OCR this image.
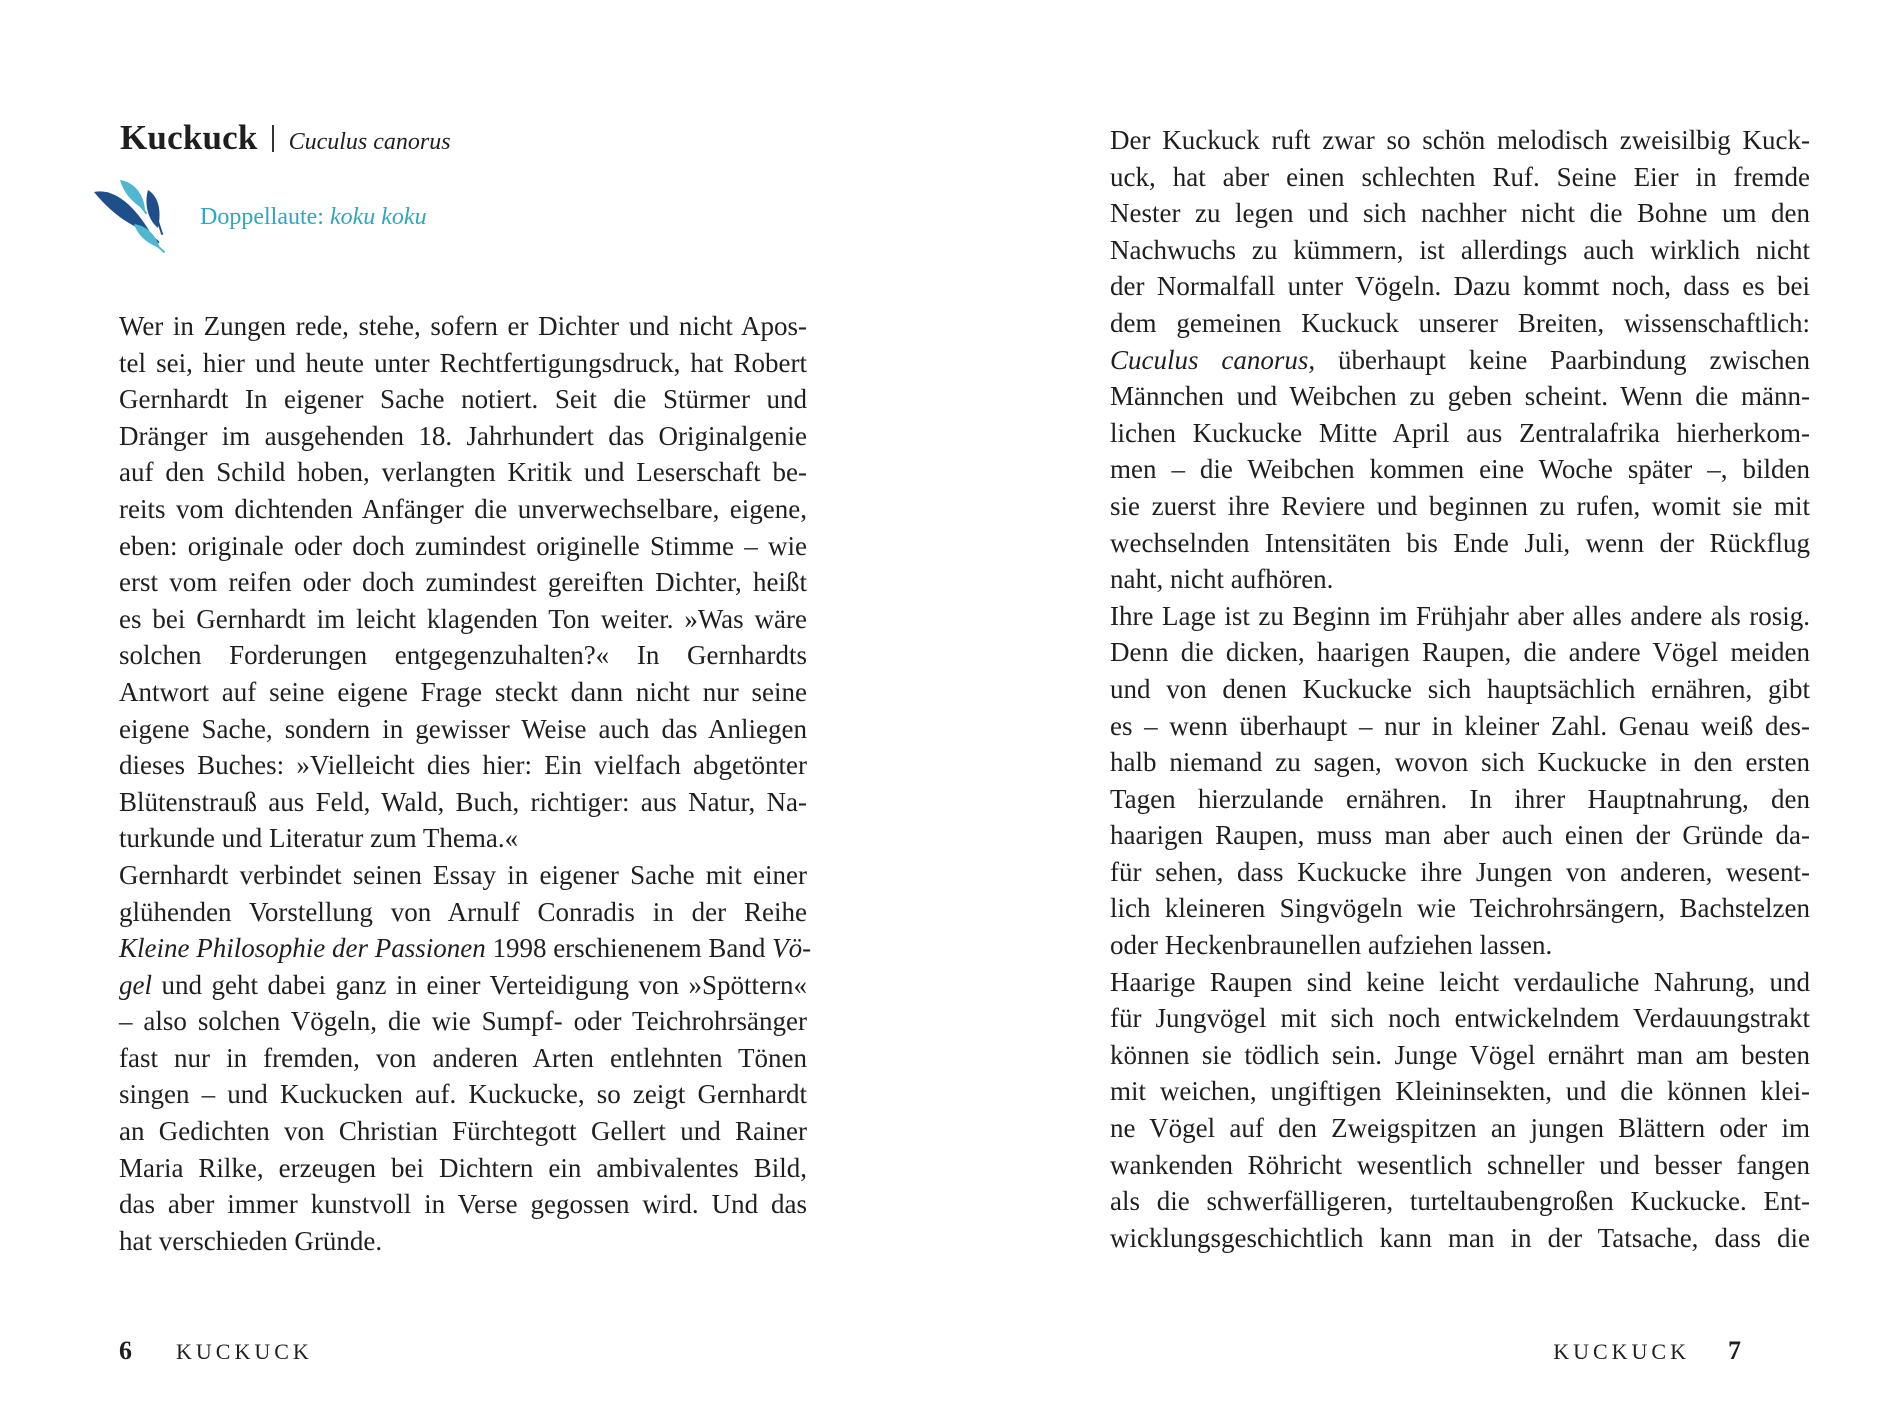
Kuckuck Cuculus canorus
Doppellaute: koku koku
Wer in Zungen rede, stehe, sofern er Dichter und nicht Apos-
tel sei, hier und heute unter Rechtfertigungsdruck, hat Robert
Gernhardt In eigener Sache notiert. Seit die Stürmer und
Dränger im ausgehenden 18. Jahrhundert das Originalgenie
auf den Schild hoben, verlangten Kritik und Leserschaft be-
reits vom dichtenden Anfänger die unverwechselbare, eigene,
eben: originale oder doch zumindest originelle Stimme – wie
erst vom reifen oder doch zumindest gereiften Dichter, heißt
es bei Gernhardt im leicht klagenden Ton weiter. »Was wäre
solchen Forderungen entgegenzuhalten?« In Gernhardts
Antwort auf seine eigene Frage steckt dann nicht nur seine
eigene Sache, sondern in gewisser Weise auch das Anliegen
dieses Buches: »Vielleicht dies hier: Ein vielfach abgetönter
Blütenstrauß aus Feld, Wald, Buch, richtiger: aus Natur, Na-
turkunde und Literatur zum Thema.«
Gernhardt verbindet seinen Essay in eigener Sache mit einer
glühenden Vorstellung von Arnulf Conradis in der Reihe
Kleine Philosophie der Passionen 1998 erschienenem Band Vö-
gel und geht dabei ganz in einer Verteidigung von »Spöttern«
– also solchen Vögeln, die wie Sumpf- oder Teichrohrsänger
fast nur in fremden, von anderen Arten entlehnten Tönen
singen – und Kuckucken auf. Kuckucke, so zeigt Gernhardt
an Gedichten von Christian Fürchtegott Gellert und Rainer
Maria Rilke, erzeugen bei Dichtern ein ambivalentes Bild,
das aber immer kunstvoll in Verse gegossen wird. Und das
hat verschieden Gründe.
6 KUCKUCK
Der Kuckuck ruft zwar so schön melodisch zweisilbig Kuck-
uck, hat aber einen schlechten Ruf. Seine Eier in fremde
Nester zu legen und sich nachher nicht die Bohne um den
Nachwuchs zu kümmern, ist allerdings auch wirklich nicht
der Normalfall unter Vögeln. Dazu kommt noch, dass es bei
dem gemeinen Kuckuck unserer Breiten, wissenschaftlich:
Cuculus canorus, überhaupt keine Paarbindung zwischen
Männchen und Weibchen zu geben scheint. Wenn die männ-
lichen Kuckucke Mitte April aus Zentralafrika hierherkom-
men – die Weibchen kommen eine Woche später –, bilden
sie zuerst ihre Reviere und beginnen zu rufen, womit sie mit
wechselnden Intensitäten bis Ende Juli, wenn der Rückflug
naht, nicht aufhören.
Ihre Lage ist zu Beginn im Frühjahr aber alles andere als rosig.
Denn die dicken, haarigen Raupen, die andere Vögel meiden
und von denen Kuckucke sich hauptsächlich ernähren, gibt
es – wenn überhaupt – nur in kleiner Zahl. Genau weiß des-
halb niemand zu sagen, wovon sich Kuckucke in den ersten
Tagen hierzulande ernähren. In ihrer Hauptnahrung, den
haarigen Raupen, muss man aber auch einen der Gründe da-
für sehen, dass Kuckucke ihre Jungen von anderen, wesent-
lich kleineren Singvögeln wie Teichrohrsängern, Bachstelzen
oder Heckenbraunellen aufziehen lassen.
Haarige Raupen sind keine leicht verdauliche Nahrung, und
für Jungvögel mit sich noch entwickelndem Verdauungstrakt
können sie tödlich sein. Junge Vögel ernährt man am besten
mit weichen, ungiftigen Kleininsekten, und die können klei-
ne Vögel auf den Zweigspitzen an jungen Blättern oder im
wankenden Röhricht wesentlich schneller und besser fangen
als die schwerfälligeren, turteltaubengroßen Kuckucke. Ent-
wicklungsgeschichtlich kann man in der Tatsache, dass die
KUCKUCK 7
